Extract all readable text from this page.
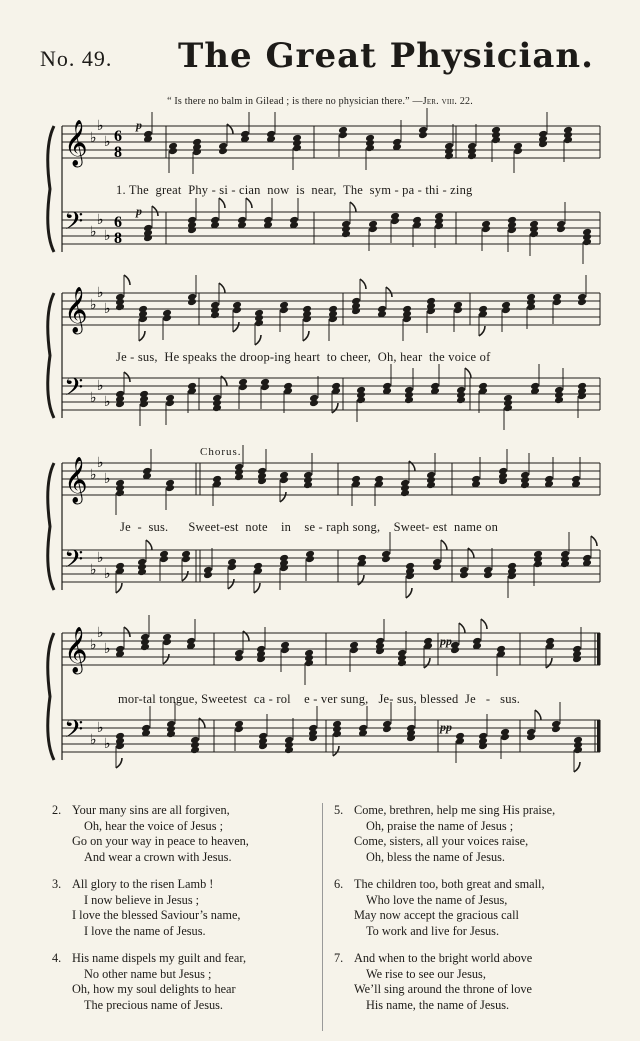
No. 49. The Great Physician.
“ Is there no balm in Gilead ; is there no physician there.” —Jer. viii. 22.
𝄞 ♭
♭
♭ 6
8
𝄢 ♭
♭
♭
6
8
𝄞 ♭
♭
♭
𝄢 ♭
♭
♭
𝄞 ♭
♭
♭
𝄢 ♭
♭
♭
𝄞 ♭
♭
♭
𝄢 ♭
♭
♭
p
p
pp
pp
Chorus.
1. The  great  Phy - si - cian  now  is  near,  The  sym - pa - thi - zing
Je - sus,  He speaks the droop-ing heart  to cheer,  Oh, hear  the voice of
Je  -  sus.      Sweet-est  note    in    se - raph song,    Sweet- est  name on
mor-tal tongue, Sweetest  ca - rol    e - ver sung,   Je- sus, blessed  Je   -   sus.
2. Your many sins are all forgiven,
Oh, hear the voice of Jesus ;
Go on your way in peace to heaven,
And wear a crown with Jesus.
3. All glory to the risen Lamb !
I now believe in Jesus ;
I love the blessed Saviour’s name,
I love the name of Jesus.
4. His name dispels my guilt and fear,
No other name but Jesus ;
Oh, how my soul delights to hear
The precious name of Jesus.
5. Come, brethren, help me sing His praise,
Oh, praise the name of Jesus ;
Come, sisters, all your voices raise,
Oh, bless the name of Jesus.
6. The children too, both great and small,
Who love the name of Jesus,
May now accept the gracious call
To work and live for Jesus.
7. And when to the bright world above
We rise to see our Jesus,
We’ll sing around the throne of love
His name, the name of Jesus.
